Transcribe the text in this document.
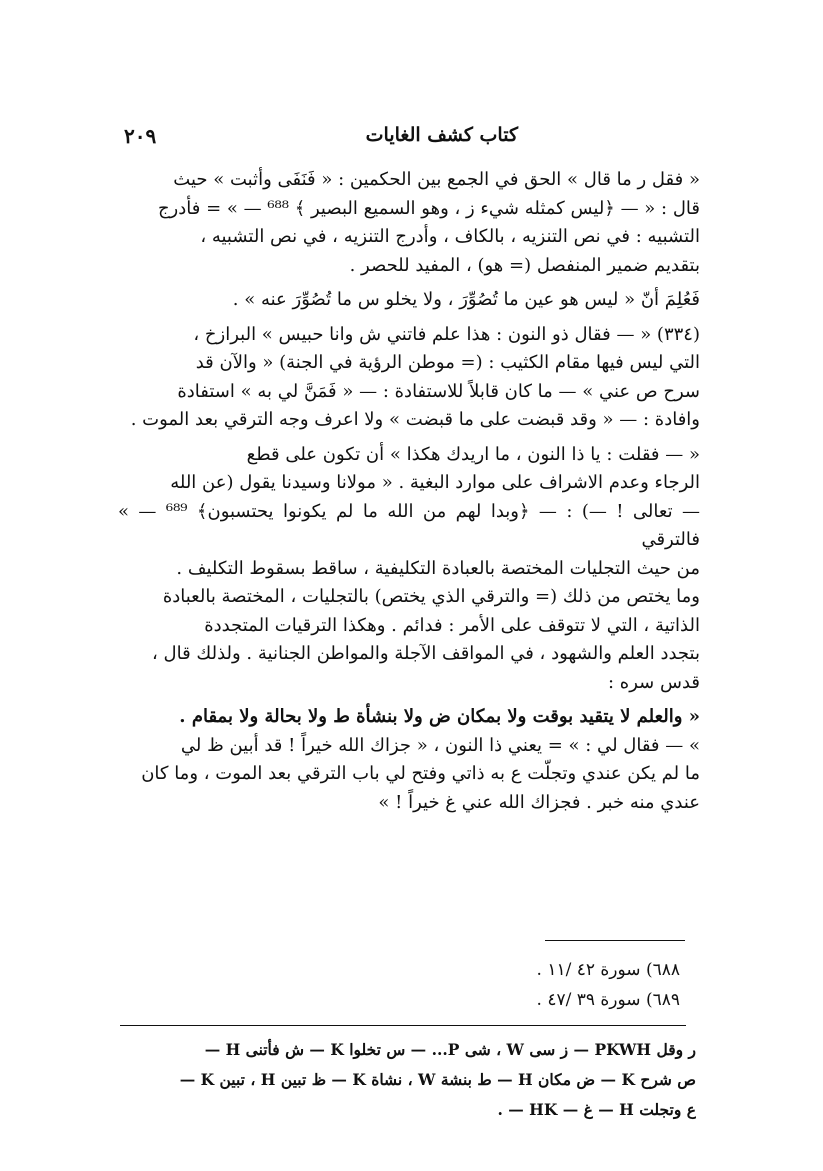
كتاب كشف الغايات
٢٠٩

« فقل ر ما قال » الحق في الجمع بين الحكمين : « فَنَفَى وأثبت » حيث

قال : « — ﴿ليس كمثله شيء ز ، وهو السميع البصير ﴾ ⁶⁸⁸ — » = فأدرج

التشبيه : في نص التنزيه ، بالكاف ، وأدرج التنزيه ، في نص التشبيه ،

بتقديم ضمير المنفصل (= هو) ، المفيد للحصر .

فَعُلِمَ أنّ « ليس هو عين ما تُصُوِّرَ ، ولا يخلو س ما تُصُوِّرَ عنه » .

(٣٣٤) « — فقال ذو النون : هذا علم فاتني ش وانا حبيس » البرازخ ،

التي ليس فيها مقام الكثيب : (= موطن الرؤية في الجنة) « والآن قد

سرح ص عني » — ما كان قابلاً للاستفادة : — « فَمَنَّ لي به » استفادة

وافادة : — « وقد قبضت على ما قبضت » ولا اعرف وجه الترقي بعد الموت .

« — فقلت : يا ذا النون ، ما اريدك هكذا » أن تكون على قطع

الرجاء وعدم الاشراف على موارد البغية . « مولانا وسيدنا يقول (عن الله

— تعالى ! —) : — ﴿وبدا لهم من الله ما لم يكونوا يحتسبون﴾ ⁶⁸⁹ — » فالترقي

من حيث التجليات المختصة بالعبادة التكليفية ، ساقط بسقوط التكليف .

وما يختص من ذلك (= والترقي الذي يختص) بالتجليات ، المختصة بالعبادة

الذاتية ، التي لا تتوقف على الأمر : فدائم . وهكذا الترقيات المتجددة

بتجدد العلم والشهود ، في المواقف الآجلة والمواطن الجنانية . ولذلك قال ،

قدس سره :

« والعلم لا يتقيد بوقت ولا بمكان ض ولا بنشأة ط ولا بحالة ولا بمقام .

» — فقال لي : » = يعني ذا النون ، « جزاك الله خيراً ! قد أبين ظ لي

ما لم يكن عندي وتجلّت ع به ذاتي وفتح لي باب الترقي بعد الموت ، وما كان

عندي منه خبر . فجزاك الله عني غ خيراً ! »

٦٨٨) سورة ٤٢ /١١ .

٦٨٩) سورة ٣٩ /٤٧ .

ر وقل PKWH — ز سى W ، شى P... — س تخلوا K — ش فأتنى H —

ص شرح K — ض مكان H — ط بنشة W ، نشاة K — ظ تبين H ، تبين K —

ع وتجلت H — غ — HK — .
